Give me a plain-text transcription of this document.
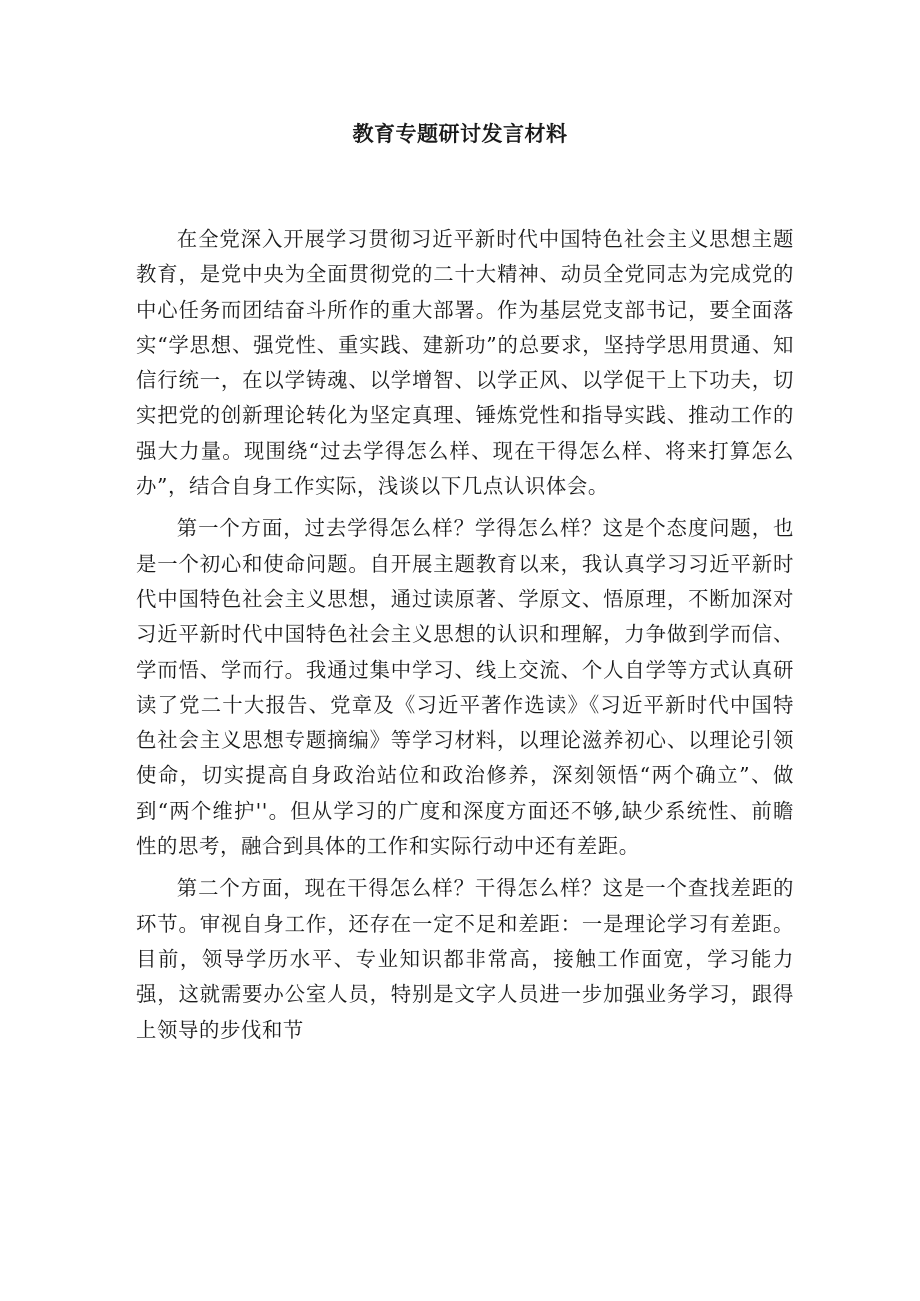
教育专题研讨发言材料

在全党深入开展学习贯彻习近平新时代中国特色社会主义思想主题教育，是党中央为全面贯彻党的二十大精神、动员全党同志为完成党的中心任务而团结奋斗所作的重大部署。作为基层党支部书记，要全面落实“学思想、强党性、重实践、建新功”的总要求，坚持学思用贯通、知信行统一，在以学铸魂、以学增智、以学正风、以学促干上下功夫，切实把党的创新理论转化为坚定真理、锤炼党性和指导实践、推动工作的强大力量。现围绕“过去学得怎么样、现在干得怎么样、将来打算怎么办”，结合自身工作实际，浅谈以下几点认识体会。

第一个方面，过去学得怎么样？学得怎么样？这是个态度问题，也是一个初心和使命问题。自开展主题教育以来，我认真学习习近平新时代中国特色社会主义思想，通过读原著、学原文、悟原理，不断加深对习近平新时代中国特色社会主义思想的认识和理解，力争做到学而信、学而悟、学而行。我通过集中学习、线上交流、个人自学等方式认真研读了党二十大报告、党章及《习近平著作选读》《习近平新时代中国特色社会主义思想专题摘编》等学习材料，以理论滋养初心、以理论引领使命，切实提高自身政治站位和政治修养，深刻领悟“两个确立”、做到“两个维护''。但从学习的广度和深度方面还不够,缺少系统性、前瞻性的思考，融合到具体的工作和实际行动中还有差距。

第二个方面，现在干得怎么样？干得怎么样？这是一个查找差距的环节。审视自身工作，还存在一定不足和差距：一是理论学习有差距。目前，领导学历水平、专业知识都非常高，接触工作面宽，学习能力强，这就需要办公室人员，特别是文字人员进一步加强业务学习，跟得上领导的步伐和节
